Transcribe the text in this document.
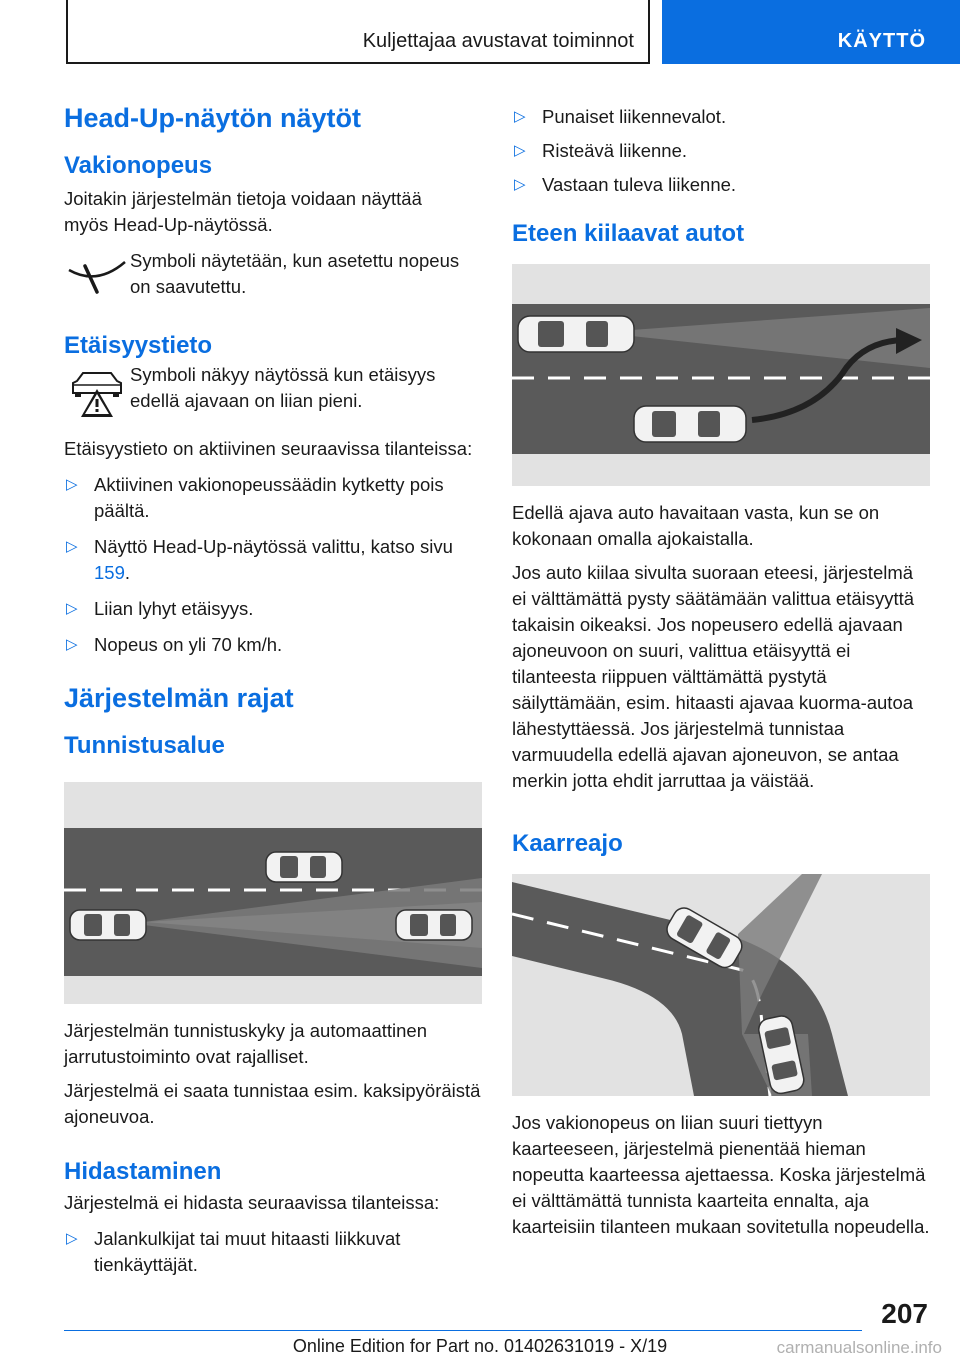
Kuljettajaa avustavat toiminnot	KÄYTTÖ
Head-Up-näytön näytöt
Vakionopeus

Joitakin järjestelmän tietoja voidaan näyttää myös Head-Up-näytössä.

Symboli näytetään, kun asetettu nopeus on saavutettu.
Etäisyystieto
Symboli näkyy näytössä kun etäisyys edellä ajavaan on liian pieni.

Etäisyystieto on aktiivinen seuraavissa tilanteissa:

▷ Aktiivinen vakionopeussäädin kytketty pois päältä.
▷ Näyttö Head-Up-näytössä valittu, katso sivu 159.
▷ Liian lyhyt etäisyys.
▷ Nopeus on yli 70 km/h.
Järjestelmän rajat
Tunnistusalue

Järjestelmän tunnistuskyky ja automaattinen jarrutustoiminto ovat rajalliset.

Järjestelmä ei saata tunnistaa esim. kaksipyöräistä ajoneuvoa.

Hidastaminen

Järjestelmä ei hidasta seuraavissa tilanteissa:

▷ Jalankulkijat tai muut hitaasti liikkuvat tienkäyttäjät.
▷ Punaiset liikennevalot.
▷ Risteävä liikenne.
▷ Vastaan tuleva liikenne.
Eteen kiilaavat autot

Edellä ajava auto havaitaan vasta, kun se on kokonaan omalla ajokaistalla.

Jos auto kiilaa sivulta suoraan eteesi, järjestelmä ei välttämättä pysty säätämään valittua etäisyyttä takaisin oikeaksi. Jos nopeusero edellä ajavaan ajoneuvoon on suuri, valittua etäisyyttä ei tilanteesta riippuen välttämättä pystytä säilyttämään, esim. hitaasti ajavaa kuorma-autoa lähestyttäessä. Jos järjestelmä tunnistaa varmuudella edellä ajavan ajoneuvon, se antaa merkin jotta ehdit jarruttaa ja väistää.

Kaarreajo

Jos vakionopeus on liian suuri tiettyyn kaarteeseen, järjestelmä pienentää hieman nopeutta kaarteessa ajettaessa. Koska järjestelmä ei välttämättä tunnista kaarteita ennalta, aja kaarteisiin tilanteen mukaan sovitetulla nopeudella.

207
Online Edition for Part no. 01402631019 - X/19	carmanualsonline.info
